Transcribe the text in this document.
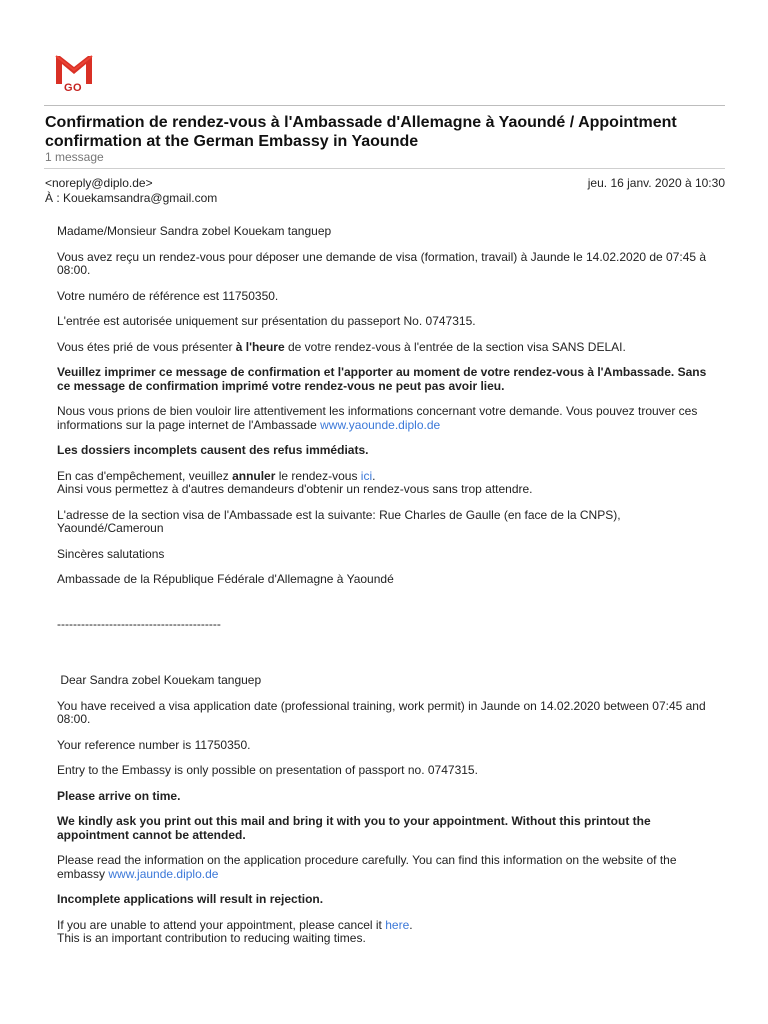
GO
Confirmation de rendez-vous à l'Ambassade d'Allemagne à Yaoundé / Appointment confirmation at the German Embassy in Yaounde
1 message
<noreply@diplo.de>	jeu. 16 janv. 2020 à 10:30
À : Kouekamsandra@gmail.com

Madame/Monsieur Sandra zobel Kouekam tanguep

Vous avez reçu un rendez-vous pour déposer une demande de visa (formation, travail) à Jaunde le 14.02.2020 de 07:45 à 08:00.

Votre numéro de référence est 11750350.

L'entrée est autorisée uniquement sur présentation du passeport No. 0747315.

Vous étes prié de vous présenter à l'heure de votre rendez-vous à l'entrée de la section visa SANS DELAI.

Veuillez imprimer ce message de confirmation et l'apporter au moment de votre rendez-vous à l'Ambassade. Sans ce message de confirmation imprimé votre rendez-vous ne peut pas avoir lieu.

Nous vous prions de bien vouloir lire attentivement les informations concernant votre demande. Vous pouvez trouver ces informations sur la page internet de l'Ambassade www.yaounde.diplo.de

Les dossiers incomplets causent des refus immédiats.

En cas d'empêchement, veuillez annuler le rendez-vous ici.
Ainsi vous permettez à d'autres demandeurs d'obtenir un rendez-vous sans trop attendre.

L'adresse de la section visa de l'Ambassade est la suivante: Rue Charles de Gaulle (en face de la CNPS), Yaoundé/Cameroun

Sincères salutations

Ambassade de la République Fédérale d'Allemagne à Yaoundé

-----------------------------------------

Dear Sandra zobel Kouekam tanguep

You have received a visa application date (professional training, work permit) in Jaunde on 14.02.2020 between 07:45 and 08:00.

Your reference number is 11750350.

Entry to the Embassy is only possible on presentation of passport no. 0747315.

Please arrive on time.

We kindly ask you print out this mail and bring it with you to your appointment. Without this printout the appointment cannot be attended.

Please read the information on the application procedure carefully. You can find this information on the website of the embassy www.jaunde.diplo.de

Incomplete applications will result in rejection.

If you are unable to attend your appointment, please cancel it here.
This is an important contribution to reducing waiting times.
